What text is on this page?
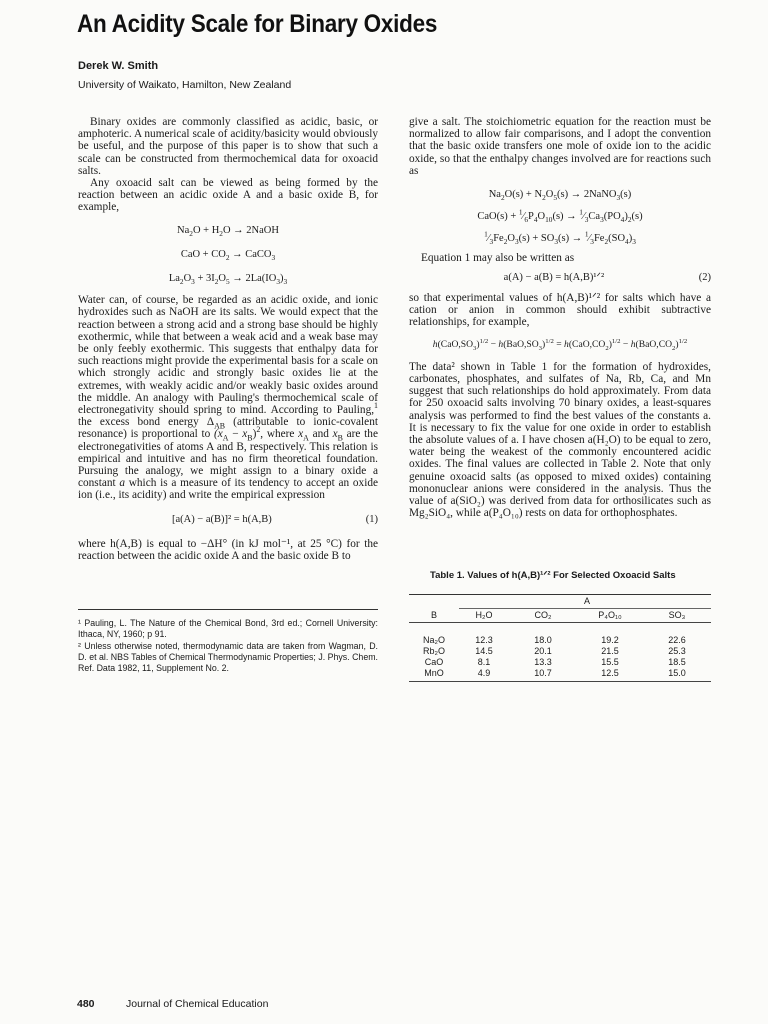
An Acidity Scale for Binary Oxides
Derek W. Smith
University of Waikato, Hamilton, New Zealand

Binary oxides are commonly classified as acidic, basic, or amphoteric. A numerical scale of acidity/basicity would obviously be useful, and the purpose of this paper is to show that such a scale can be constructed from thermochemical data for oxoacid salts.

Any oxoacid salt can be viewed as being formed by the reaction between an acidic oxide A and a basic oxide B, for example,

$Na_2O + H_2O$ → 2NaOH
CaO + $CO_2$ → CaCO$_3$
$La_2O_3 + 3I_2O_5 \to 2La(IO_3)_3$

Water can, of course, be regarded as an acidic oxide, and ionic hydroxides such as NaOH are its salts. We would expect that the reaction between a strong acid and a strong base should be highly exothermic, while that between a weak acid and a weak base may be only feebly exothermic. This suggests that enthalpy data for such reactions might provide the experimental basis for a scale on which strongly acidic and strongly basic oxides lie at the extremes, with weakly acidic and/or weakly basic oxides around the middle. An analogy with Pauling's thermochemical scale of electronegativity should spring to mind. According to Pauling,$^1$ the excess bond energy $\Delta_{AB}$ (attributable to ionic-covalent resonance) is proportional to $(x_A - x_B)^2$, where $x_A$ and $x_B$ are the electronegativities of atoms A and B, respectively. This relation is empirical and intuitive and has no firm theoretical foundation. Pursuing the analogy, we might assign to a binary oxide a constant a which is a measure of its tendency to accept an oxide ion (i.e., its acidity) and write the empirical expression

[a(A) − a(B)]² = h(A,B)	(1)

where h(A,B) is equal to −ΔH° (in kJ mol⁻¹, at 25 °C) for the reaction between the acidic oxide A and the basic oxide B to

¹ Pauling, L. The Nature of the Chemical Bond, 3rd ed.; Cornell University: Ithaca, NY, 1960; p 91.
² Unless otherwise noted, thermodynamic data are taken from Wagman, D. D. et al. NBS Tables of Chemical Thermodynamic Properties; J. Phys. Chem. Ref. Data 1982, 11, Supplement No. 2.

give a salt. The stoichiometric equation for the reaction must be normalized to allow fair comparisons, and I adopt the convention that the basic oxide transfers one mole of oxide ion to the acidic oxide, so that the enthalpy changes involved are for reactions such as

$Na_2O(s) + N_2O_5(s)$ → 2NaNO$_3$(s)
$CaO(s) + ^1⁄_6P_4O_{10}(s)$ → $^1⁄_3Ca_3(PO_4)_2(s)$
$^1⁄_3Fe_2O_3(s) + SO_3(s)$ → $^1⁄_3Fe_2(SO_4)_3$

Equation 1 may also be written as

a(A) − a(B) = h(A,B)¹ᐟ²	(2)

so that experimental values of h(A,B)¹ᐟ² for salts which have a cation or anion in common should exhibit subtractive relationships, for example,

$h(CaO,SO_3)^{1/2} - h(BaO,SO_3)^{1/2} = h(CaO,CO_2)^{1/2} - h(BaO,CO_2)^{1/2}$

The data² shown in Table 1 for the formation of hydroxides, carbonates, phosphates, and sulfates of Na, Rb, Ca, and Mn suggest that such relationships do hold approximately. From data for 250 oxoacid salts involving 70 binary oxides, a least-squares analysis was performed to find the best values of the constants a. It is necessary to fix the value for one oxide in order to establish the absolute values of a. I have chosen a(H₂O) to be equal to zero, water being the weakest of the commonly encountered acidic oxides. The final values are collected in Table 2. Note that only genuine oxoacid salts (as opposed to mixed oxides) containing mononuclear anions were considered in the analysis. Thus the value of a(SiO₂) was derived from data for orthosilicates such as Mg₂SiO₄, while a(P₄O₁₀) rests on data for orthophosphates.

Table 1. Values of h(A,B)¹ᐟ² For Selected Oxoacid Salts
A
B	H₂O	CO₂	P₄O₁₀	SO₃
Na₂O	12.3	18.0	19.2	22.6
Rb₂O	14.5	20.1	21.5	25.3
CaO	8.1	13.3	15.5	18.5
MnO	4.9	10.7	12.5	15.0
480	Journal of Chemical Education
